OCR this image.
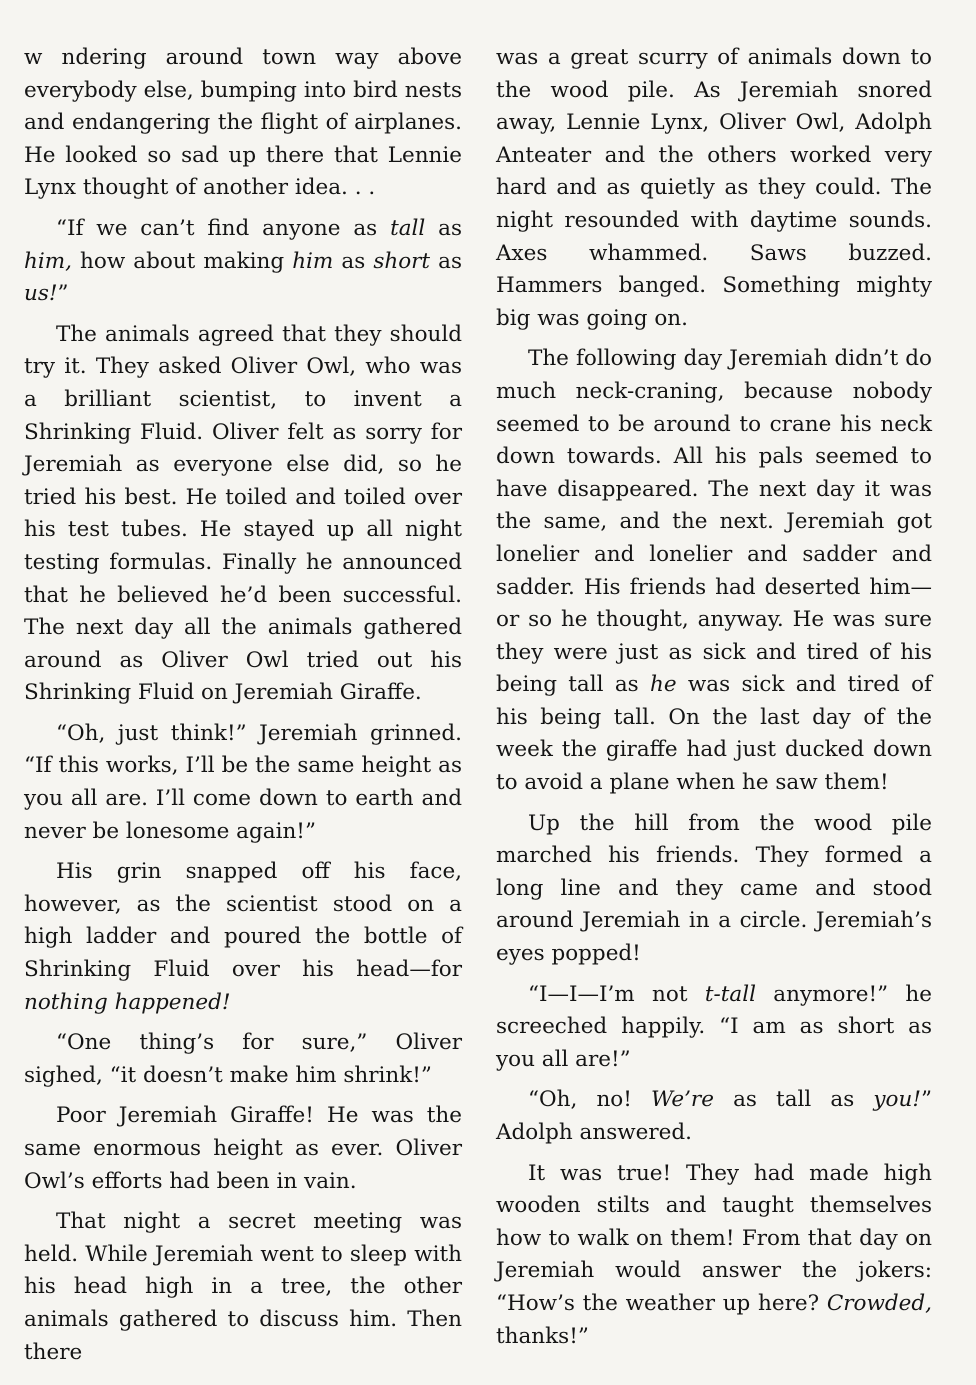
w ndering around town way above everybody else, bumping into bird nests and endangering the flight of airplanes. He looked so sad up there that Lennie Lynx thought of another idea. . .

“If we can’t find anyone as tall as him, how about making him as short as us!”

The animals agreed that they should try it. They asked Oliver Owl, who was a brilliant scientist, to invent a Shrinking Fluid. Oliver felt as sorry for Jeremiah as everyone else did, so he tried his best. He toiled and toiled over his test tubes. He stayed up all night testing formulas. Finally he announced that he believed he’d been successful. The next day all the animals gathered around as Oliver Owl tried out his Shrinking Fluid on Jeremiah Giraffe.

“Oh, just think!” Jeremiah grinned. “If this works, I’ll be the same height as you all are. I’ll come down to earth and never be lonesome again!”

His grin snapped off his face, however, as the scientist stood on a high ladder and poured the bottle of Shrinking Fluid over his head—for nothing happened!

“One thing’s for sure,” Oliver sighed, “it doesn’t make him shrink!”

Poor Jeremiah Giraffe! He was the same enormous height as ever. Oliver Owl’s efforts had been in vain.

That night a secret meeting was held. While Jeremiah went to sleep with his head high in a tree, the other animals gathered to discuss him. Then there

was a great scurry of animals down to the wood pile. As Jeremiah snored away, Lennie Lynx, Oliver Owl, Adolph Anteater and the others worked very hard and as quietly as they could. The night resounded with daytime sounds. Axes whammed. Saws buzzed. Hammers banged. Something mighty big was going on.

The following day Jeremiah didn’t do much neck-craning, because nobody seemed to be around to crane his neck down towards. All his pals seemed to have disappeared. The next day it was the same, and the next. Jeremiah got lonelier and lonelier and sadder and sadder. His friends had deserted him—or so he thought, anyway. He was sure they were just as sick and tired of his being tall as he was sick and tired of his being tall. On the last day of the week the giraffe had just ducked down to avoid a plane when he saw them!

Up the hill from the wood pile marched his friends. They formed a long line and they came and stood around Jeremiah in a circle. Jeremiah’s eyes popped!

“I—I—I’m not t-tall anymore!” he screeched happily. “I am as short as you all are!”

“Oh, no! We’re as tall as you!” Adolph answered.

It was true! They had made high wooden stilts and taught themselves how to walk on them! From that day on Jeremiah would answer the jokers: “How’s the weather up here? Crowded, thanks!”
